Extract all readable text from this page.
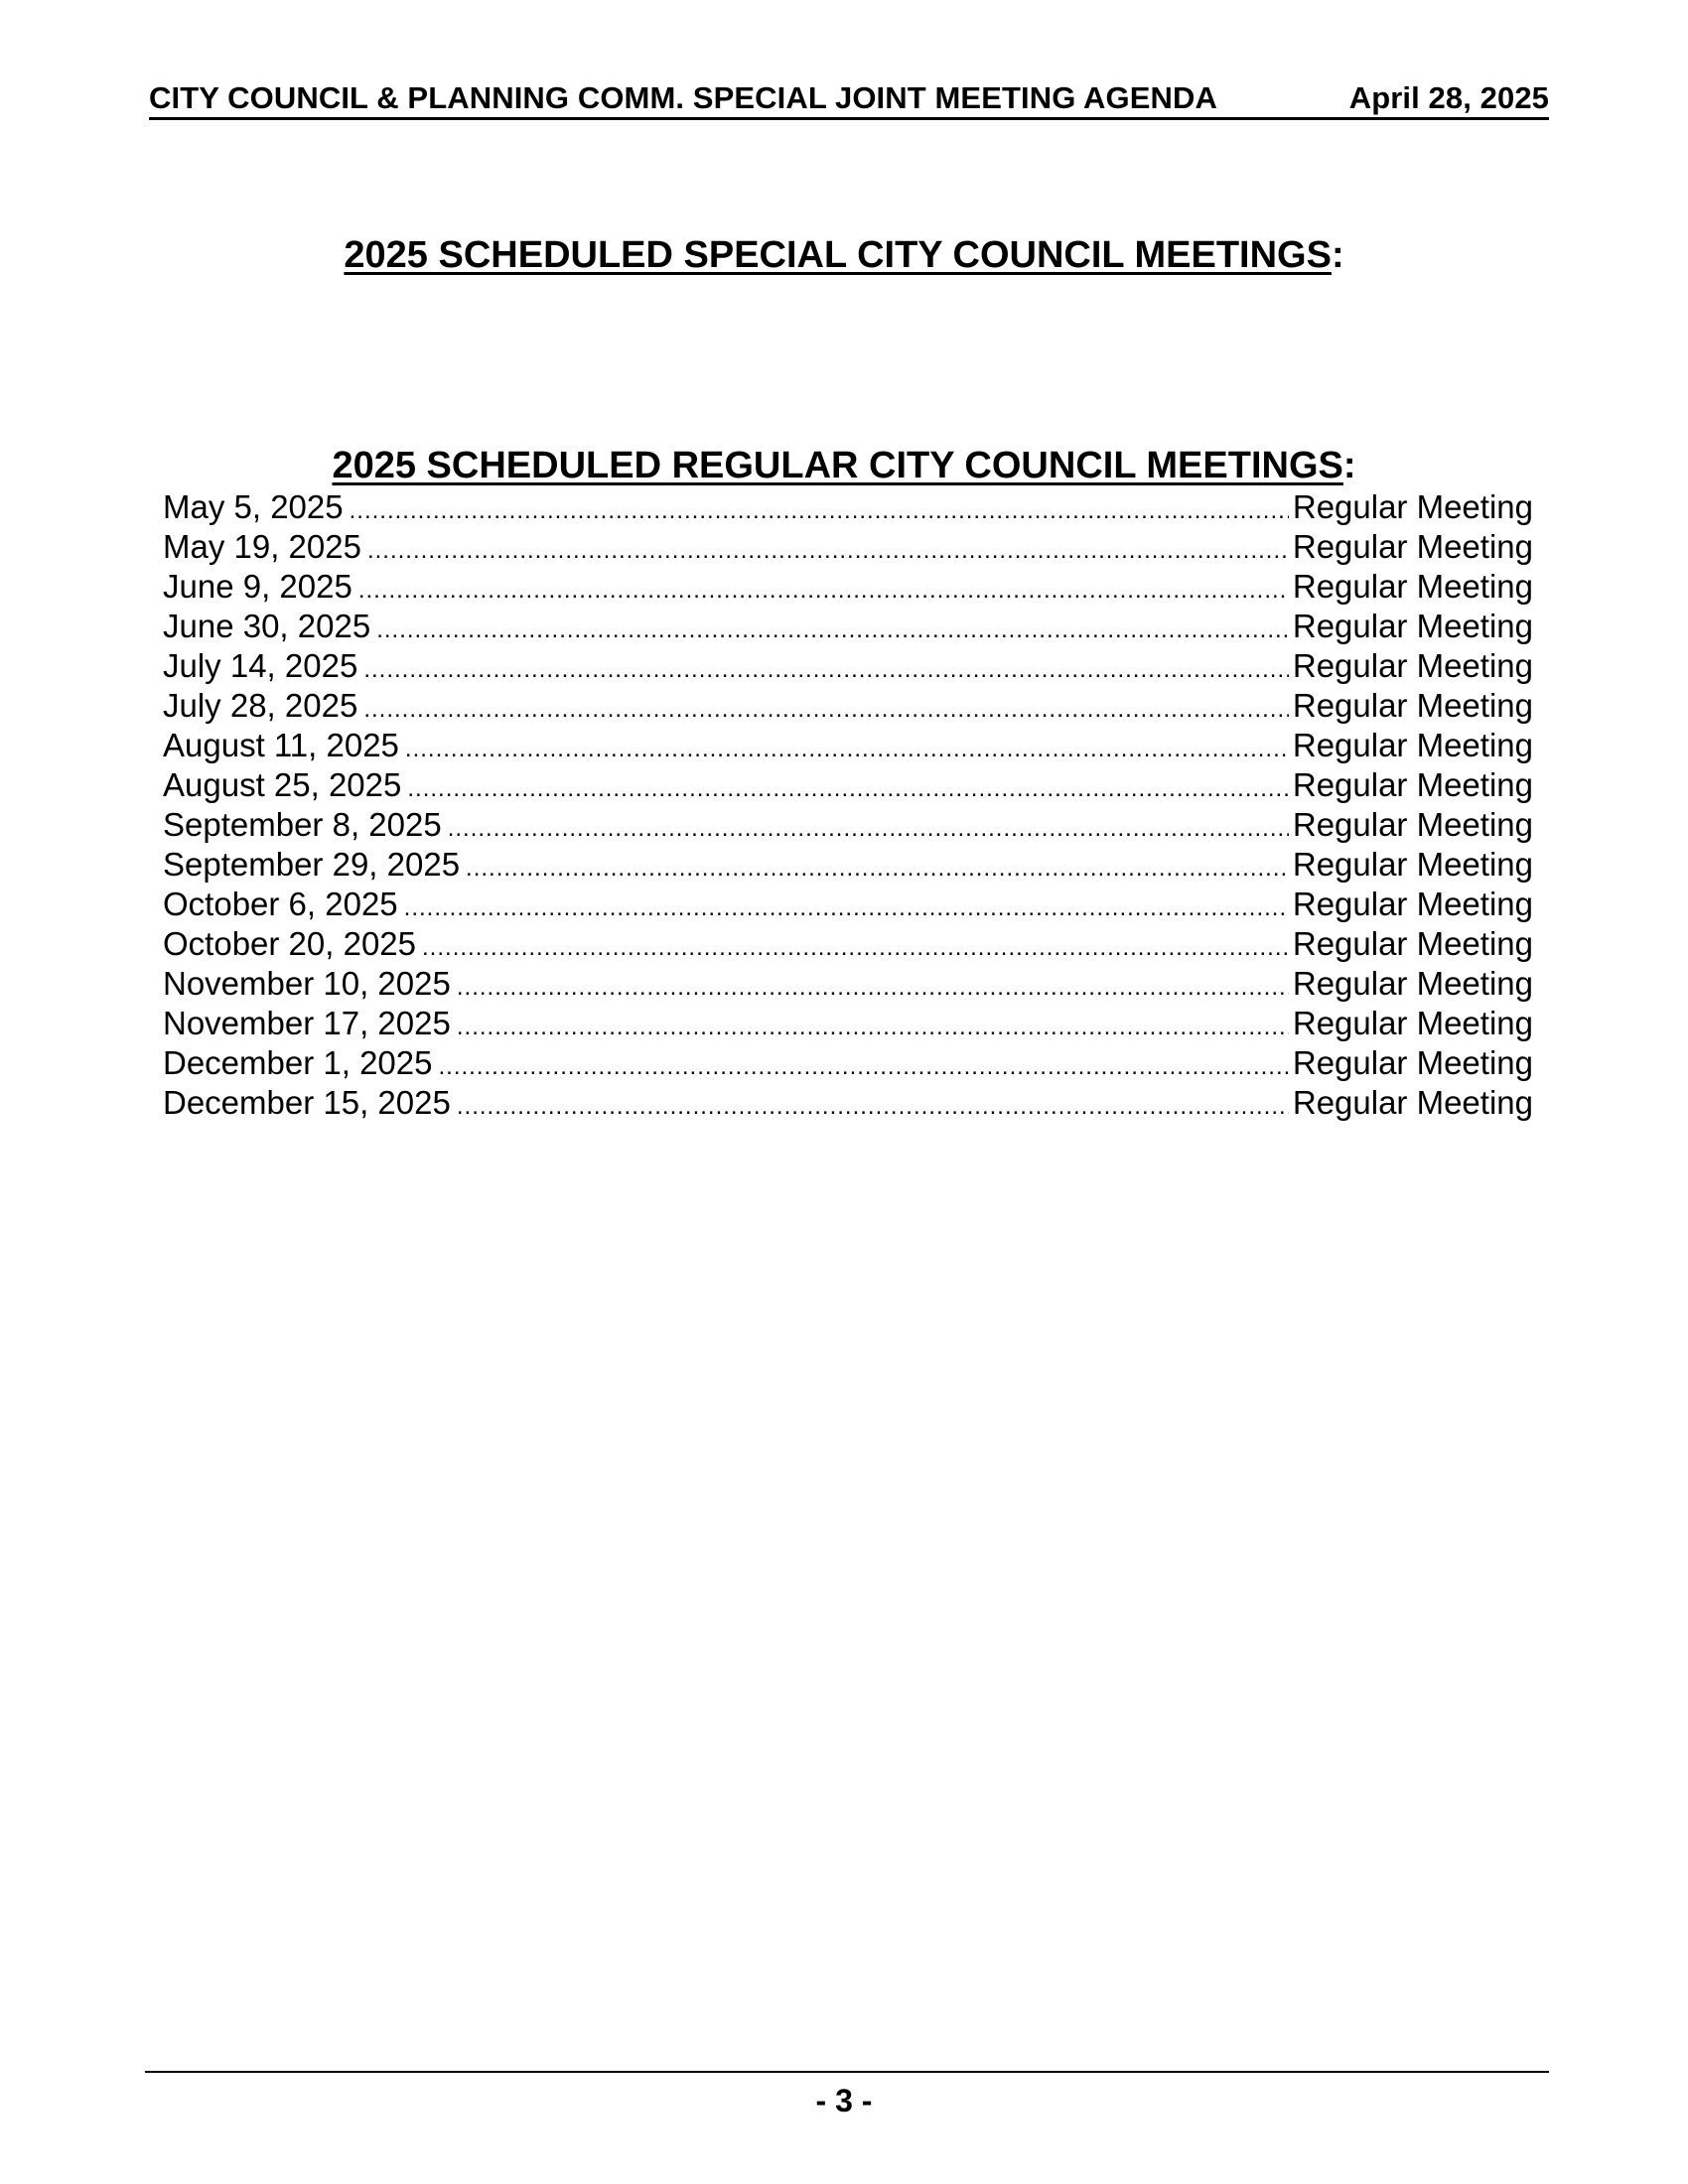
CITY COUNCIL & PLANNING COMM. SPECIAL JOINT MEETING AGENDA	April 28, 2025
2025 SCHEDULED SPECIAL CITY COUNCIL MEETINGS:
2025 SCHEDULED REGULAR CITY COUNCIL MEETINGS:
May 5, 2025 .....	Regular Meeting
May 19, 2025 .....	Regular Meeting
June 9, 2025 .....	Regular Meeting
June 30, 2025 .....	Regular Meeting
July 14, 2025 .....	Regular Meeting
July 28, 2025 .....	Regular Meeting
August 11, 2025 .....	Regular Meeting
August 25, 2025 .....	Regular Meeting
September 8, 2025 .....	Regular Meeting
September 29, 2025 .....	Regular Meeting
October 6, 2025 .....	Regular Meeting
October 20, 2025 .....	Regular Meeting
November 10, 2025 .....	Regular Meeting
November 17, 2025 .....	Regular Meeting
December 1, 2025 .....	Regular Meeting
December 15, 2025 .....	Regular Meeting
- 3 -
